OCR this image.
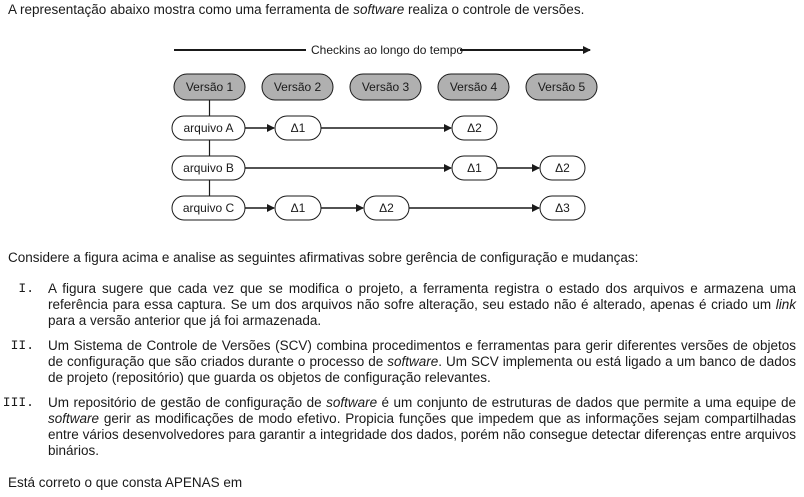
A representação abaixo mostra como uma ferramenta de software realiza o controle de versões.
Checkins ao longo do tempo
Versão 1	Versão 2	Versão 3	Versão 4	Versão 5
arquivo A
arquivo B
arquivo C
Δ1	Δ2
Δ1	Δ2
Δ1	Δ2	Δ3
Considere a figura acima e analise as seguintes afirmativas sobre gerência de configuração e mudanças:
I. A figura sugere que cada vez que se modifica o projeto, a ferramenta registra o estado dos arquivos e armazena uma referência para essa captura. Se um dos arquivos não sofre alteração, seu estado não é alterado, apenas é criado um link para a versão anterior que já foi armazenada.
II. Um Sistema de Controle de Versões (SCV) combina procedimentos e ferramentas para gerir diferentes versões de objetos de configuração que são criados durante o processo de software. Um SCV implementa ou está ligado a um banco de dados de projeto (repositório) que guarda os objetos de configuração relevantes.
III. Um repositório de gestão de configuração de software é um conjunto de estruturas de dados que permite a uma equipe de software gerir as modificações de modo efetivo. Propicia funções que impedem que as informações sejam compartilhadas entre vários desenvolvedores para garantir a integridade dos dados, porém não consegue detectar diferenças entre arquivos binários.
Está correto o que consta APENAS em
